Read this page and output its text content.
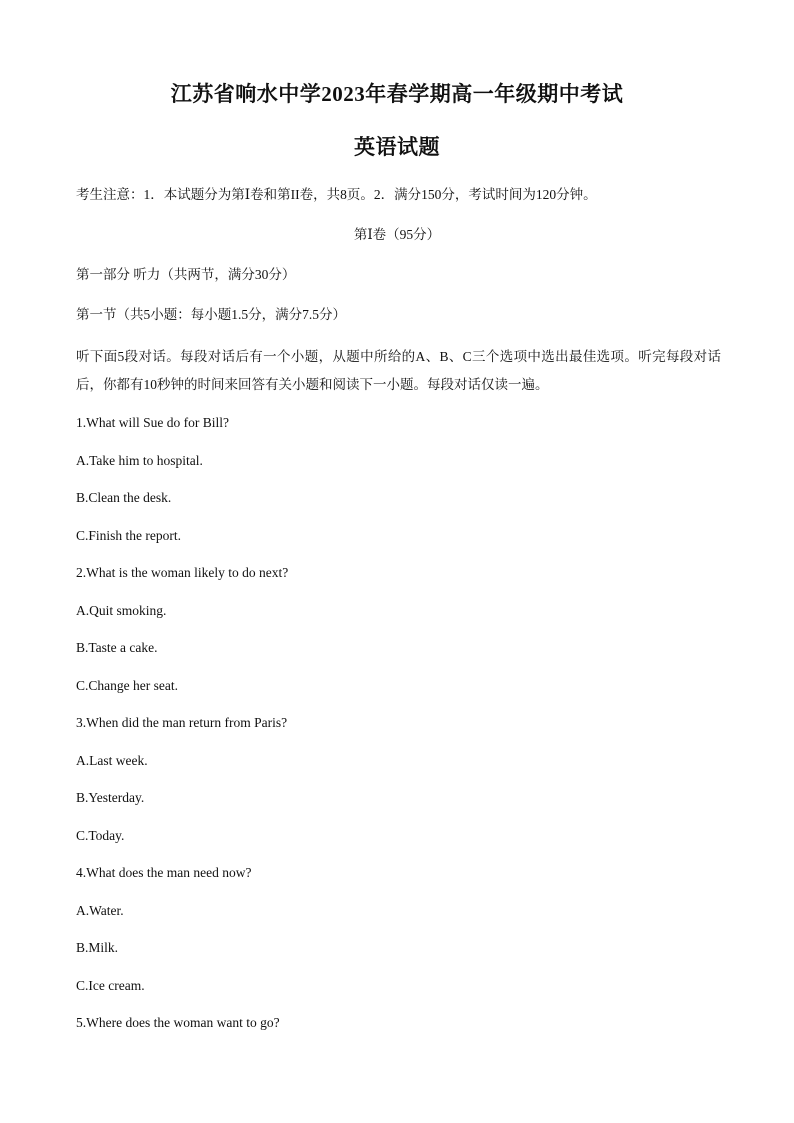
江苏省响水中学2023年春学期高一年级期中考试
英语试题
考生注意：1．本试题分为第Ⅰ卷和第II卷，共8页。2．满分150分，考试时间为120分钟。
第Ⅰ卷（95分）
第一部分 听力（共两节，满分30分）
第一节（共5小题：每小题1.5分，满分7.5分）
听下面5段对话。每段对话后有一个小题，从题中所给的A、B、C三个选项中选出最佳选项。听完每段对话后，你都有10秒钟的时间来回答有关小题和阅读下一小题。每段对话仅读一遍。
1.What will Sue do for Bill?
A.Take him to hospital.
B.Clean the desk.
C.Finish the report.
2.What is the woman likely to do next?
A.Quit smoking.
B.Taste a cake.
C.Change her seat.
3.When did the man return from Paris?
A.Last week.
B.Yesterday.
C.Today.
4.What does the man need now?
A.Water.
B.Milk.
C.Ice cream.
5.Where does the woman want to go?
